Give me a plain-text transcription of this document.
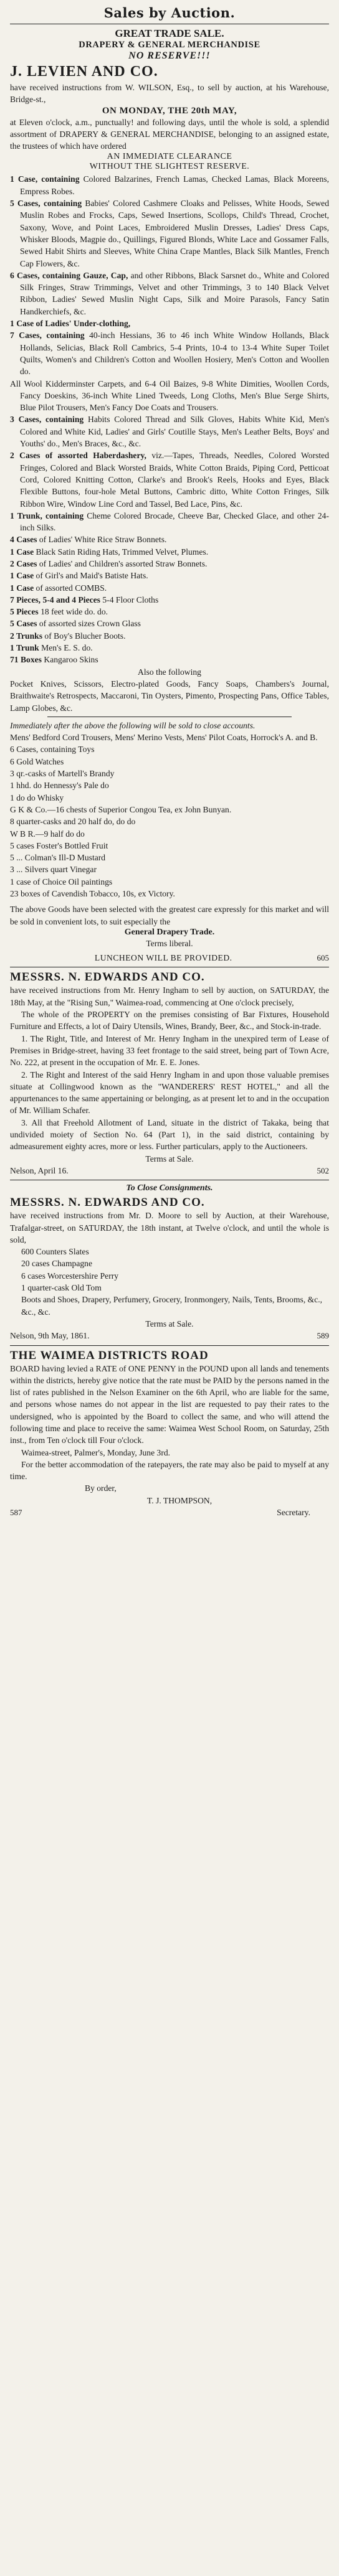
Sales by Auction.
GREAT TRADE SALE.
DRAPERY & GENERAL MERCHANDISE
NO RESERVE!!!
J. LEVIEN AND CO.

have received instructions from W. WILSON, Esq., to sell by auction, at his Warehouse, Bridge-st.,

ON MONDAY, THE 20th MAY,

at Eleven o'clock, a.m., punctually! and following days, until the whole is sold, a splendid assortment of DRAPERY & GENERAL MERCHANDISE, belonging to an assigned estate, the trustees of which have ordered

AN IMMEDIATE CLEARANCE
WITHOUT THE SLIGHTEST RESERVE.

1 Case, containing Colored Balzarines, French Lamas, Checked Lamas, Black Moreens, Empress Robes.

5 Cases, containing Babies' Colored Cashmere Cloaks and Pelisses, White Hoods, Sewed Muslin Robes and Frocks, Caps, Sewed Insertions, Scollops, Child's Thread, Crochet, Saxony, Wove, and Point Laces, Embroidered Muslin Dresses, Ladies' Dress Caps, Whisker Bloods, Magpie do., Quillings, Figured Blonds, White Lace and Gossamer Falls, Sewed Habit Shirts and Sleeves, White China Crape Mantles, Black Silk Mantles, French Cap Flowers, &c.

6 Cases, containing Gauze, Cap, and other Ribbons, Black Sarsnet do., White and Colored Silk Fringes, Straw Trimmings, Velvet and other Trimmings, 3 to 140 Black Velvet Ribbon, Ladies' Sewed Muslin Night Caps, Silk and Moire Parasols, Fancy Satin Handkerchiefs, &c.

1 Case of Ladies' Under-clothing,

7 Cases, containing 40-inch Hessians, 36 to 46 inch White Window Hollands, Black Hollands, Selicias, Black Roll Cambrics, 5-4 Prints, 10-4 to 13-4 White Super Toilet Quilts, Women's and Children's Cotton and Woollen Hosiery, Men's Cotton and Woollen do.

All Wool Kidderminster Carpets, and 6-4 Oil Baizes, 9-8 White Dimities, Woollen Cords, Fancy Doeskins, 36-inch White Lined Tweeds, Long Cloths, Men's Blue Serge Shirts, Blue Pilot Trousers, Men's Fancy Doe Coats and Trousers.

3 Cases, containing Habits Colored Thread and Silk Gloves, Habits White Kid, Men's Colored and White Kid, Ladies' and Girls' Coutille Stays, Men's Leather Belts, Boys' and Youths' do., Men's Braces, &c., &c.

2 Cases of assorted Haberdashery, viz.—Tapes, Threads, Needles, Colored Worsted Fringes, Colored and Black Worsted Braids, White Cotton Braids, Piping Cord, Petticoat Cord, Colored Knitting Cotton, Clarke's and Brook's Reels, Hooks and Eyes, Black Flexible Buttons, four-hole Metal Buttons, Cambric ditto, White Cotton Fringes, Silk Ribbon Wire, Window Line Cord and Tassel, Bed Lace, Pins, &c.

1 Trunk, containing Cheme Colored Brocade, Cheeve Bar, Checked Glace, and other 24-inch Silks.

4 Cases of Ladies' White Rice Straw Bonnets.

1 Case Black Satin Riding Hats, Trimmed Velvet, Plumes.

2 Cases of Ladies' and Children's assorted Straw Bonnets.

1 Case of Girl's and Maid's Batiste Hats.

1 Case of assorted COMBS.

7 Pieces, 5-4 and 4 Pieces 5-4 Floor Cloths

5 Pieces 18 feet wide do. do.

5 Cases of assorted sizes Crown Glass

2 Trunks of Boy's Blucher Boots.

1 Trunk Men's E. S. do.

71 Boxes Kangaroo Skins

Also the following

Pocket Knives, Scissors, Electro-plated Goods, Fancy Soaps, Chambers's Journal, Braithwaite's Retrospects, Maccaroni, Tin Oysters, Pimento, Prospecting Pans, Office Tables, Lamp Globes, &c.

Immediately after the above the following will be sold to close accounts.

Mens' Bedford Cord Trousers, Mens' Merino Vests, Mens' Pilot Coats, Horrock's A. and B.

6 Cases, containing Toys

6 Gold Watches

3 qr.-casks of Martell's Brandy

1 hhd. do Hennessy's Pale do

1 do do Whisky

G K & Co.—16 chests of Superior Congou Tea, ex John Bunyan.

8 quarter-casks and 20 half do, do do

W B R.—9 half do do

5 cases Foster's Bottled Fruit

5 ... Colman's Ill-D Mustard

3 ... Silvers quart Vinegar

1 case of Choice Oil paintings

23 boxes of Cavendish Tobacco, 10s, ex Victory.

The above Goods have been selected with the greatest care expressly for this market and will be sold in convenient lots, to suit especially the

General Drapery Trade.
Terms liberal.
LUNCHEON WILL BE PROVIDED.	605
MESSRS. N. EDWARDS AND CO.

have received instructions from Mr. Henry Ingham to sell by auction, on SATURDAY, the 18th May, at the "Rising Sun," Waimea-road, commencing at One o'clock precisely,

The whole of the PROPERTY on the premises consisting of Bar Fixtures, Household Furniture and Effects, a lot of Dairy Utensils, Wines, Brandy, Beer, &c., and Stock-in-trade.

1. The Right, Title, and Interest of Mr. Henry Ingham in the unexpired term of Lease of Premises in Bridge-street, having 33 feet frontage to the said street, being part of Town Acre, No. 222, at present in the occupation of Mr. E. E. Jones.

2. The Right and Interest of the said Henry Ingham in and upon those valuable premises situate at Collingwood known as the "WANDERERS' REST HOTEL," and all the appurtenances to the same appertaining or belonging, as at present let to and in the occupation of Mr. William Schafer.

3. All that Freehold Allotment of Land, situate in the district of Takaka, being that undivided moiety of Section No. 64 (Part 1), in the said district, containing by admeasurement eighty acres, more or less. Further particulars, apply to the Auctioneers.

Terms at Sale.
Nelson, April 16.	502
To Close Consignments.
MESSRS. N. EDWARDS AND CO.

have received instructions from Mr. D. Moore to sell by Auction, at their Warehouse, Trafalgar-street, on SATURDAY, the 18th instant, at Twelve o'clock, and until the whole is sold,

600 Counters Slates

20 cases Champagne

6 cases Worcestershire Perry

1 quarter-cask Old Tom

Boots and Shoes, Drapery, Perfumery, Grocery, Ironmongery, Nails, Tents, Brooms, &c., &c., &c.

Terms at Sale.
Nelson, 9th May, 1861.	589
THE WAIMEA DISTRICTS ROAD

BOARD having levied a RATE of ONE PENNY in the POUND upon all lands and tenements within the districts, hereby give notice that the rate must be PAID by the persons named in the list of rates published in the Nelson Examiner on the 6th April, who are liable for the same, and persons whose names do not appear in the list are requested to pay their rates to the undersigned, who is appointed by the Board to collect the same, and who will attend the following time and place to receive the same: Waimea West School Room, on Saturday, 25th inst., from Ten o'clock till Four o'clock.

Waimea-street, Palmer's, Monday, June 3rd.

For the better accommodation of the ratepayers, the rate may also be paid to myself at any time.

By order,
T. J. THOMPSON,
587	Secretary.
